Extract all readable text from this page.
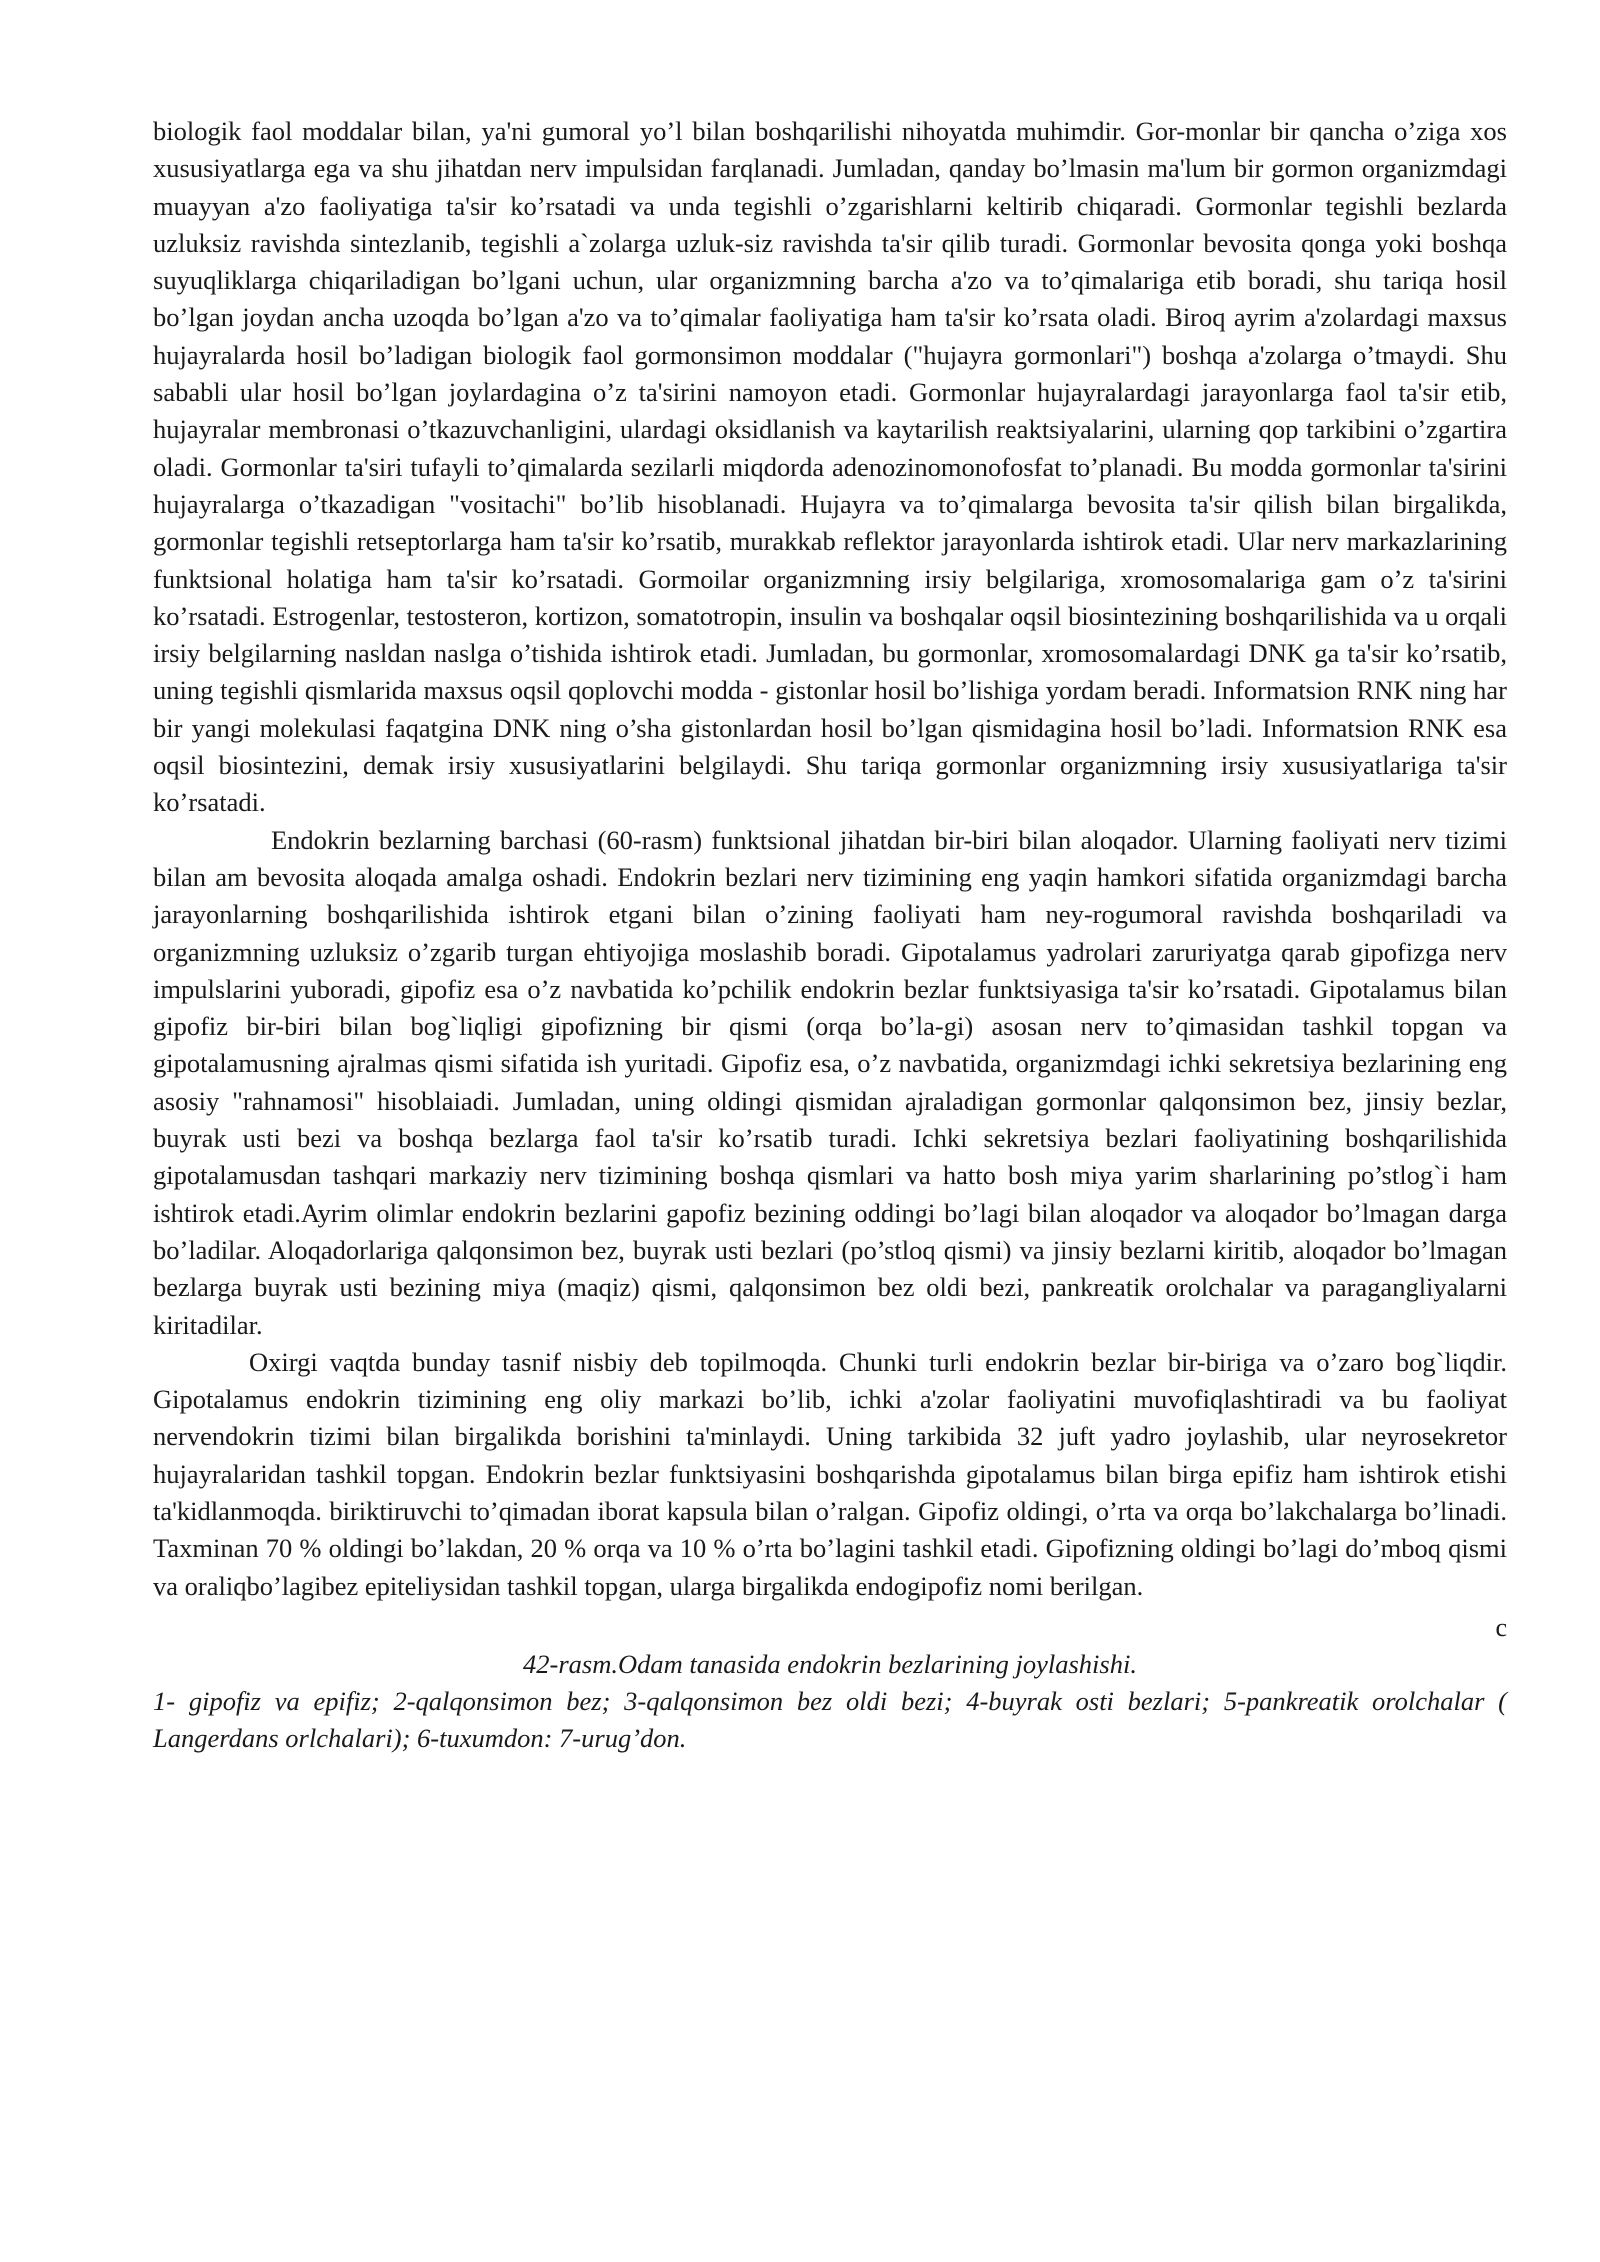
biologik faol moddalar bilan, ya'ni gumoral yo’l bilan boshqarilishi nihoyatda muhimdir. Gor-monlar bir qancha o’ziga xos xususiyatlarga ega va shu jihatdan nerv impulsidan farqlanadi. Jumladan, qanday bo’lmasin ma'lum bir gormon organizmdagi muayyan a'zo faoliyatiga ta'sir ko’rsatadi va unda tegishli o’zgarishlarni keltirib chiqaradi. Gormonlar tegishli bezlarda uzluksiz ravishda sintezlanib, tegishli a`zolarga uzluk-siz ravishda ta'sir qilib turadi. Gormonlar bevosita qonga yoki boshqa suyuqliklarga chiqariladigan bo’lgani uchun, ular organizmning barcha a'zo va to’qimalariga etib boradi, shu tariqa hosil bo’lgan joydan ancha uzoqda bo’lgan a'zo va to’qimalar faoliyatiga ham ta'sir ko’rsata oladi. Biroq ayrim a'zolardagi maxsus hujayralarda hosil bo’ladigan biologik faol gormonsimon moddalar ("hujayra gormonlari") boshqa a'zolarga o’tmaydi. Shu sababli ular hosil bo’lgan joylardagina o’z ta'sirini namoyon etadi. Gormonlar hujayralardagi jarayonlarga faol ta'sir etib, hujayralar membronasi o’tkazuvchanligini, ulardagi oksidlanish va kaytarilish reaktsiyalarini, ularning qop tarkibini o’zgartira oladi. Gormonlar ta'siri tufayli to’qimalarda sezilarli miqdorda adenozinomonofosfat to’planadi. Bu modda gormonlar ta'sirini hujayralarga o’tkazadigan "vositachi" bo’lib hisoblanadi. Hujayra va to’qimalarga bevosita ta'sir qilish bilan birgalikda, gormonlar tegishli retseptorlarga ham ta'sir ko’rsatib, murakkab reflektor jarayonlarda ishtirok etadi. Ular nerv markazlarining funktsional holatiga ham ta'sir ko’rsatadi. Gormoilar organizmning irsiy belgilariga, xromosomalariga gam o’z ta'sirini ko’rsatadi. Estrogenlar, testosteron, kortizon, somatotropin, insulin va boshqalar oqsil biosintezining boshqarilishida va u orqali irsiy belgilarning nasldan naslga o’tishida ishtirok etadi. Jumladan, bu gormonlar, xromosomalardagi DNK ga ta'sir ko’rsatib, uning tegishli qismlarida maxsus oqsil qoplovchi modda - gistonlar hosil bo’lishiga yordam beradi. Informatsion RNK ning har bir yangi molekulasi faqatgina DNK ning o’sha gistonlardan hosil bo’lgan qismidagina hosil bo’ladi. Informatsion RNK esa oqsil biosintezini, demak irsiy xususiyatlarini belgilaydi. Shu tariqa gormonlar organizmning irsiy xususiyatlariga ta'sir ko’rsatadi.

Endokrin bezlarning barchasi (60-rasm) funktsional jihatdan bir-biri bilan aloqador. Ularning faoliyati nerv tizimi bilan am bevosita aloqada amalga oshadi. Endokrin bezlari nerv tizimining eng yaqin hamkori sifatida organizmdagi barcha jarayonlarning boshqarilishida ishtirok etgani bilan o’zining faoliyati ham ney-rogumoral ravishda boshqariladi va organizmning uzluksiz o’zgarib turgan ehtiyojiga moslashib boradi. Gipotalamus yadrolari zaruriyatga qarab gipofizga nerv impulslarini yuboradi, gipofiz esa o’z navbatida ko’pchilik endokrin bezlar funktsiyasiga ta'sir ko’rsatadi. Gipotalamus bilan gipofiz bir-biri bilan bog`liqligi gipofizning bir qismi (orqa bo’la-gi) asosan nerv to’qimasidan tashkil topgan va gipotalamusning ajralmas qismi sifatida ish yuritadi. Gipofiz esa, o’z navbatida, organizmdagi ichki sekretsiya bezlarining eng asosiy "rahnamosi" hisoblaiadi. Jumladan, uning oldingi qismidan ajraladigan gormonlar qalqonsimon bez, jinsiy bezlar, buyrak usti bezi va boshqa bezlarga faol ta'sir ko’rsatib turadi. Ichki sekretsiya bezlari faoliyatining boshqarilishida gipotalamusdan tashqari markaziy nerv tizimining boshqa qismlari va hatto bosh miya yarim sharlarining po’stlog`i ham ishtirok etadi.Ayrim olimlar endokrin bezlarini gapofiz bezining oddingi bo’lagi bilan aloqador va aloqador bo’lmagan darga bo’ladilar. Aloqadorlariga qalqonsimon bez, buyrak usti bezlari (po’stloq qismi) va jinsiy bezlarni kiritib, aloqador bo’lmagan bezlarga buyrak usti bezining miya (maqiz) qismi, qalqonsimon bez oldi bezi, pankreatik orolchalar va paragangliyalarni kiritadilar.

Oxirgi vaqtda bunday tasnif nisbiy deb topilmoqda. Chunki turli endokrin bezlar bir-biriga va o’zaro bog`liqdir. Gipotalamus endokrin tizimining eng oliy markazi bo’lib, ichki a'zolar faoliyatini muvofiqlashtiradi va bu faoliyat nervendokrin tizimi bilan birgalikda borishini ta'minlaydi. Uning tarkibida 32 juft yadro joylashib, ular neyrosekretor hujayralaridan tashkil topgan. Endokrin bezlar funktsiyasini boshqarishda gipotalamus bilan birga epifiz ham ishtirok etishi ta'kidlanmoqda. biriktiruvchi to’qimadan iborat kapsula bilan o’ralgan. Gipofiz oldingi, o’rta va orqa bo’lakchalarga bo’linadi. Taxminan 70 % oldingi bo’lakdan, 20 % orqa va 10 % o’rta bo’lagini tashkil etadi. Gipofizning oldingi bo’lagi do’mboq qismi va oraliqbo’lagibez epiteliysidan tashkil topgan, ularga birgalikda endogipofiz nomi berilgan.

c

42-rasm.Odam tanasida endokrin bezlarining joylashishi.

1- gipofiz va epifiz; 2-qalqonsimon bez; 3-qalqonsimon bez oldi bezi; 4-buyrak osti bezlari; 5-pankreatik orolchalar ( Langerdans orlchalari); 6-tuxumdon: 7-urug’don.
